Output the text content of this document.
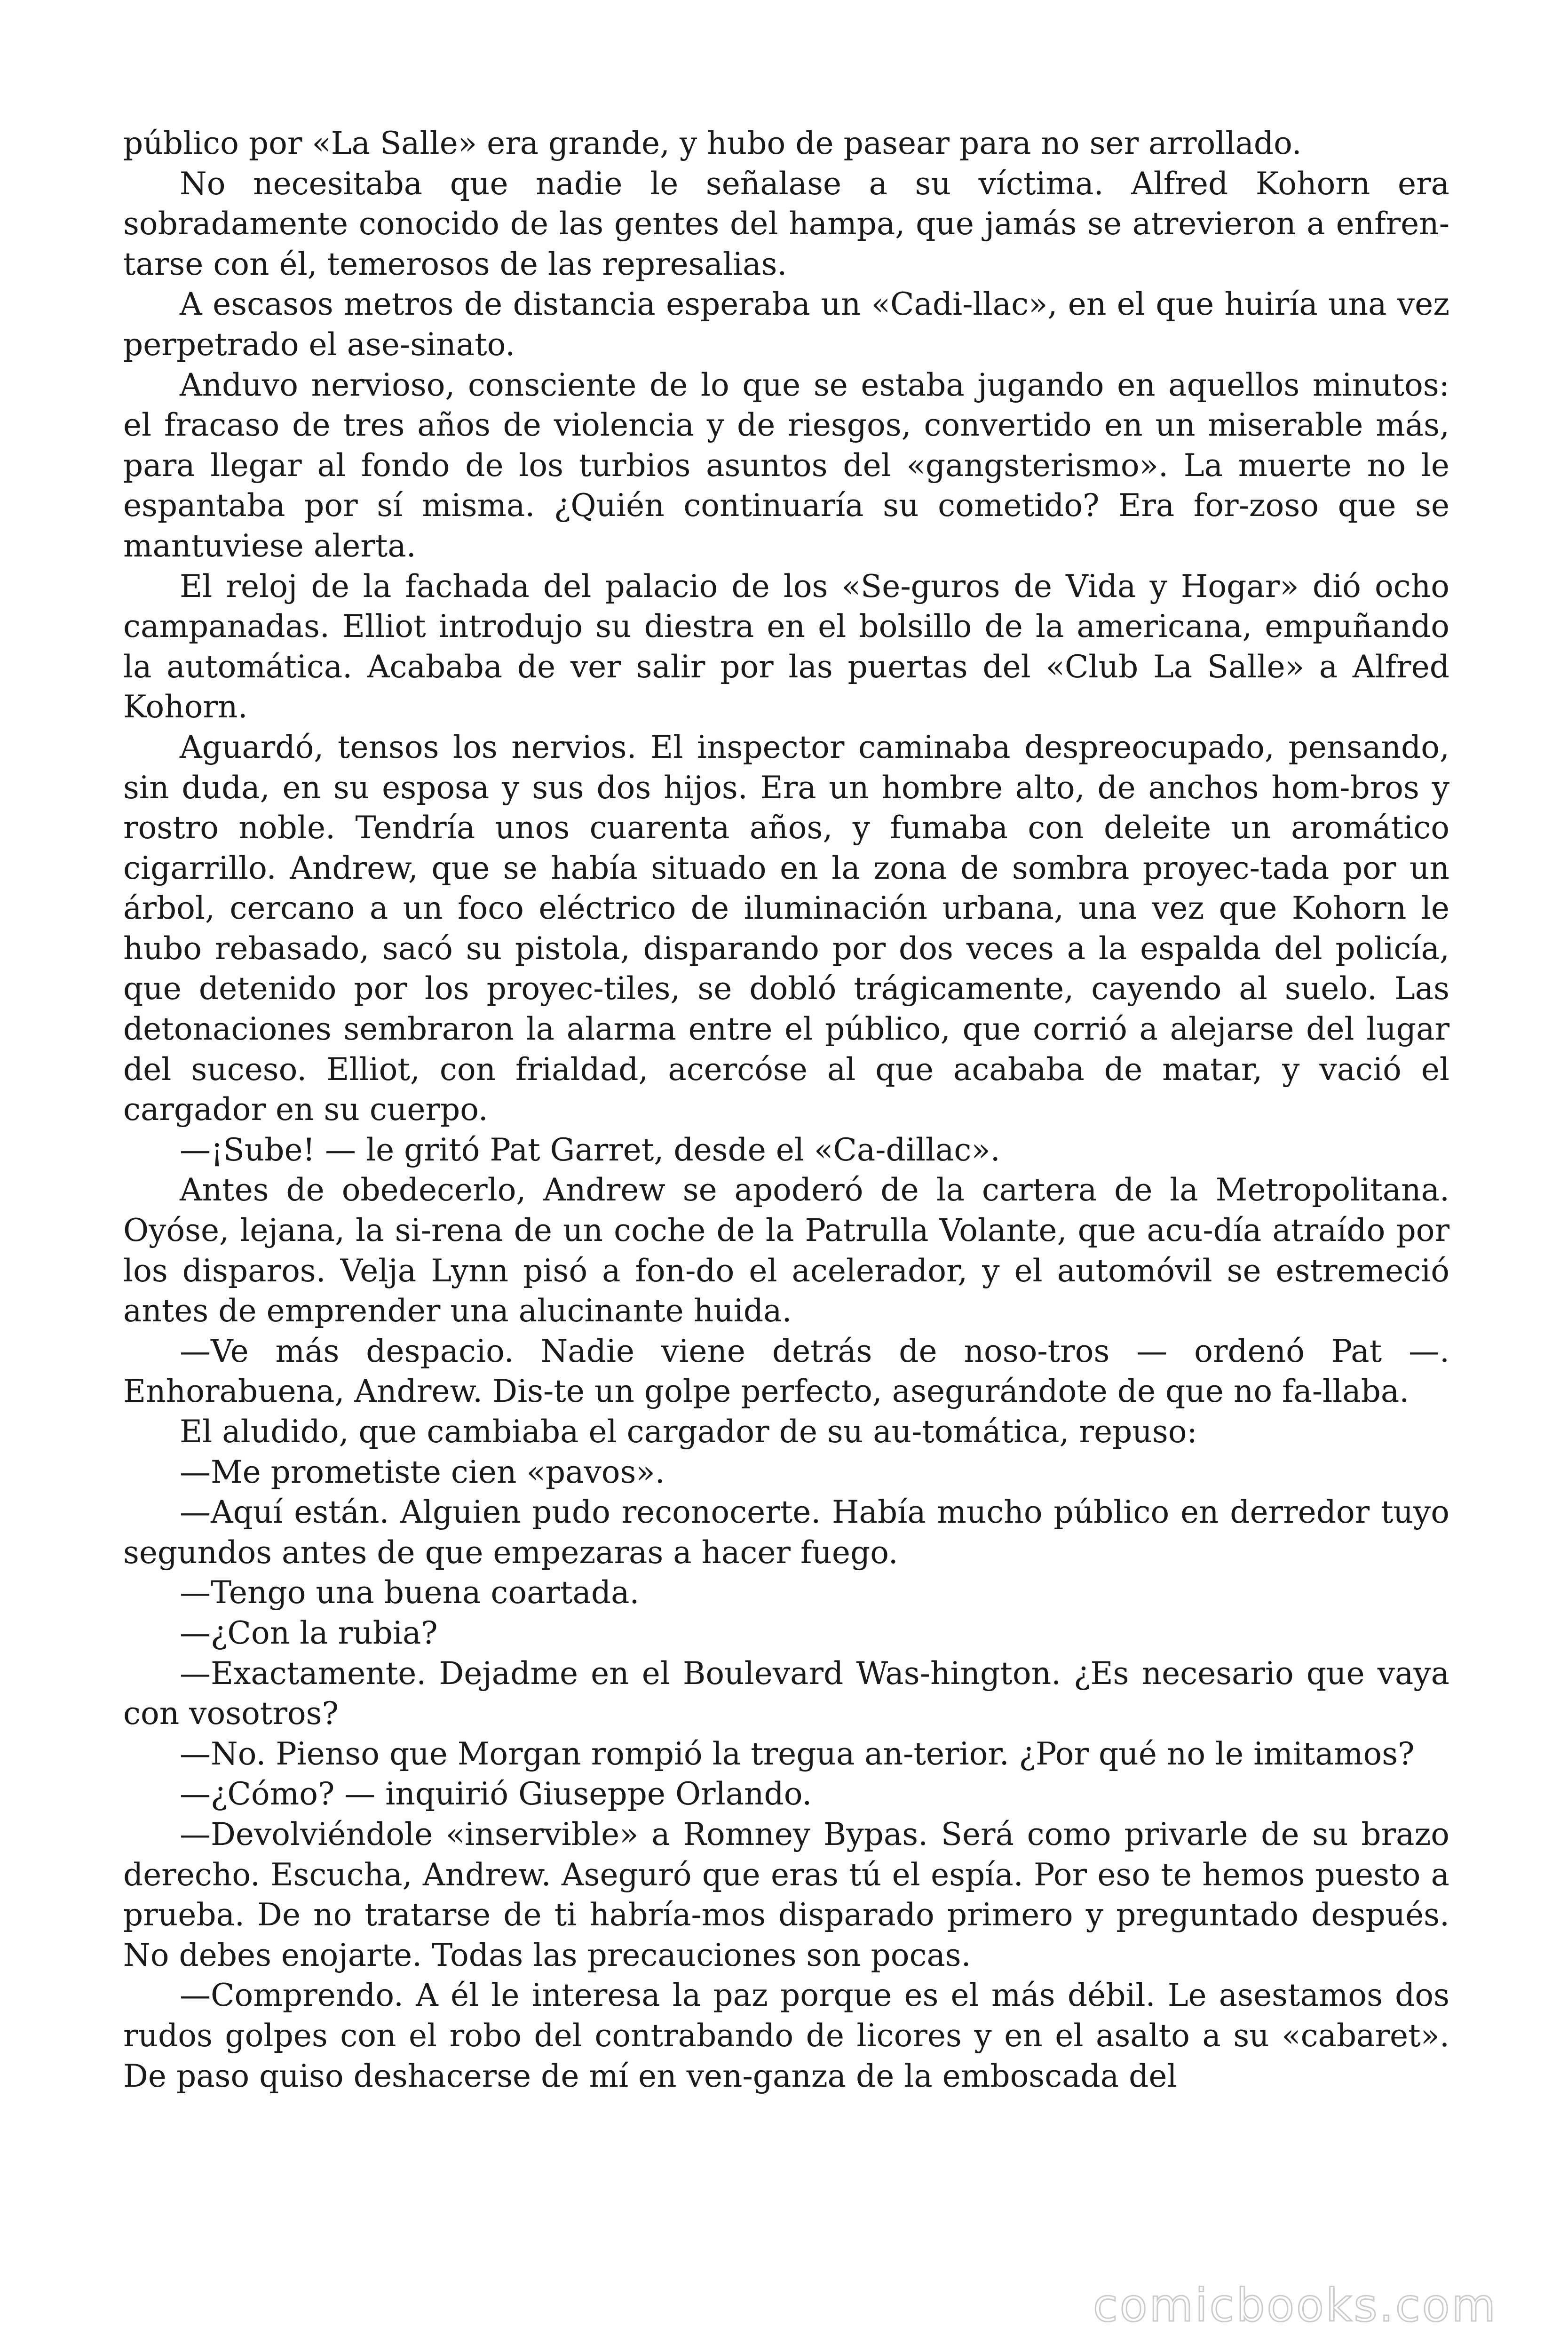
público por «La Salle» era grande, y hubo de pasear para no ser arrollado.

No necesitaba que nadie le señalase a su víctima. Alfred Kohorn era sobradamente conocido de las gentes del hampa, que jamás se atrevieron a enfren-tarse con él, temerosos de las represalias.

A escasos metros de distancia esperaba un «Cadi-llac», en el que huiría una vez perpetrado el ase-sinato.

Anduvo nervioso, consciente de lo que se estaba jugando en aquellos minutos: el fracaso de tres años de violencia y de riesgos, convertido en un miserable más, para llegar al fondo de los turbios asuntos del «gangsterismo». La muerte no le espantaba por sí misma. ¿Quién continuaría su cometido? Era for-zoso que se mantuviese alerta.

El reloj de la fachada del palacio de los «Se-guros de Vida y Hogar» dió ocho campanadas. Elliot introdujo su diestra en el bolsillo de la americana, empuñando la automática. Acababa de ver salir por las puertas del «Club La Salle» a Alfred Kohorn.

Aguardó, tensos los nervios. El inspector caminaba despreocupado, pensando, sin duda, en su esposa y sus dos hijos. Era un hombre alto, de anchos hom-bros y rostro noble. Tendría unos cuarenta años, y fumaba con deleite un aromático cigarrillo. Andrew, que se había situado en la zona de sombra proyec-tada por un árbol, cercano a un foco eléctrico de iluminación urbana, una vez que Kohorn le hubo rebasado, sacó su pistola, disparando por dos veces a la espalda del policía, que detenido por los proyec-tiles, se dobló trágicamente, cayendo al suelo. Las detonaciones sembraron la alarma entre el público, que corrió a alejarse del lugar del suceso. Elliot, con frialdad, acercóse al que acababa de matar, y vació el cargador en su cuerpo.

—¡Sube! — le gritó Pat Garret, desde el «Ca-dillac».

Antes de obedecerlo, Andrew se apoderó de la cartera de la Metropolitana. Oyóse, lejana, la si-rena de un coche de la Patrulla Volante, que acu-día atraído por los disparos. Velja Lynn pisó a fon-do el acelerador, y el automóvil se estremeció antes de emprender una alucinante huida.

—Ve más despacio. Nadie viene detrás de noso-tros — ordenó Pat —. Enhorabuena, Andrew. Dis-te un golpe perfecto, asegurándote de que no fa-llaba.

El aludido, que cambiaba el cargador de su au-tomática, repuso:

—Me prometiste cien «pavos».

—Aquí están. Alguien pudo reconocerte. Había mucho público en derredor tuyo segundos antes de que empezaras a hacer fuego.

—Tengo una buena coartada.

—¿Con la rubia?

—Exactamente. Dejadme en el Boulevard Was-hington. ¿Es necesario que vaya con vosotros?

—No. Pienso que Morgan rompió la tregua an-terior. ¿Por qué no le imitamos?

—¿Cómo? — inquirió Giuseppe Orlando.

—Devolviéndole «inservible» a Romney Bypas. Será como privarle de su brazo derecho. Escucha, Andrew. Aseguró que eras tú el espía. Por eso te hemos puesto a prueba. De no tratarse de ti habría-mos disparado primero y preguntado después. No debes enojarte. Todas las precauciones son pocas.

—Comprendo. A él le interesa la paz porque es el más débil. Le asestamos dos rudos golpes con el robo del contrabando de licores y en el asalto a su «cabaret». De paso quiso deshacerse de mí en ven-ganza de la emboscada del

comicbooks.com
